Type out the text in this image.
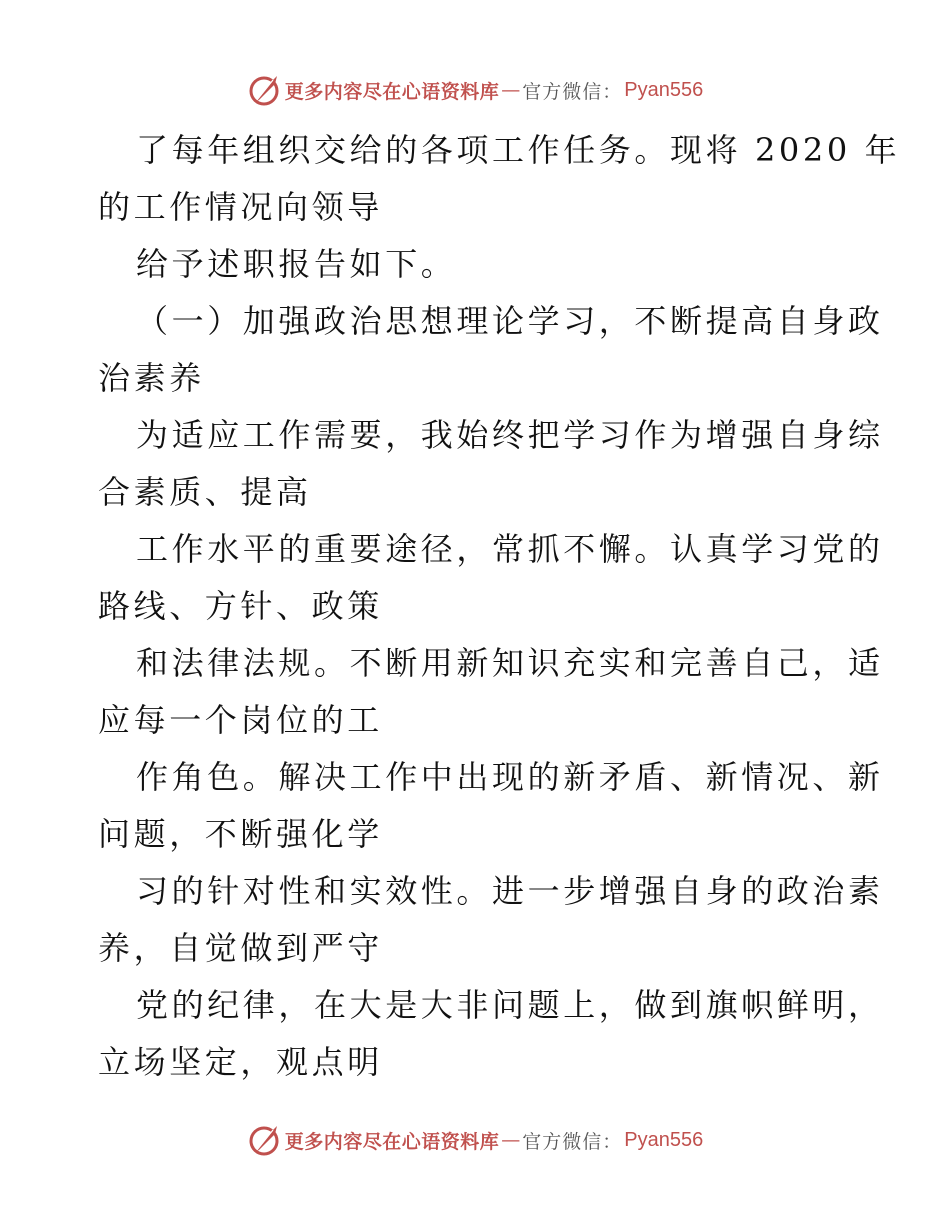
更多内容尽在心语资料库 — 官方微信： Pyan556
了每年组织交给的各项工作任务。现将 2020 年
的工作情况向领导
给予述职报告如下。
（一）加强政治思想理论学习，不断提高自身政
治素养
为适应工作需要，我始终把学习作为增强自身综
合素质、提高
工作水平的重要途径，常抓不懈。认真学习党的
路线、方针、政策
和法律法规。不断用新知识充实和完善自己，适
应每一个岗位的工
作角色。解决工作中出现的新矛盾、新情况、新
问题，不断强化学
习的针对性和实效性。进一步增强自身的政治素
养，自觉做到严守
党的纪律，在大是大非问题上，做到旗帜鲜明，
立场坚定，观点明
更多内容尽在心语资料库 — 官方微信： Pyan556
